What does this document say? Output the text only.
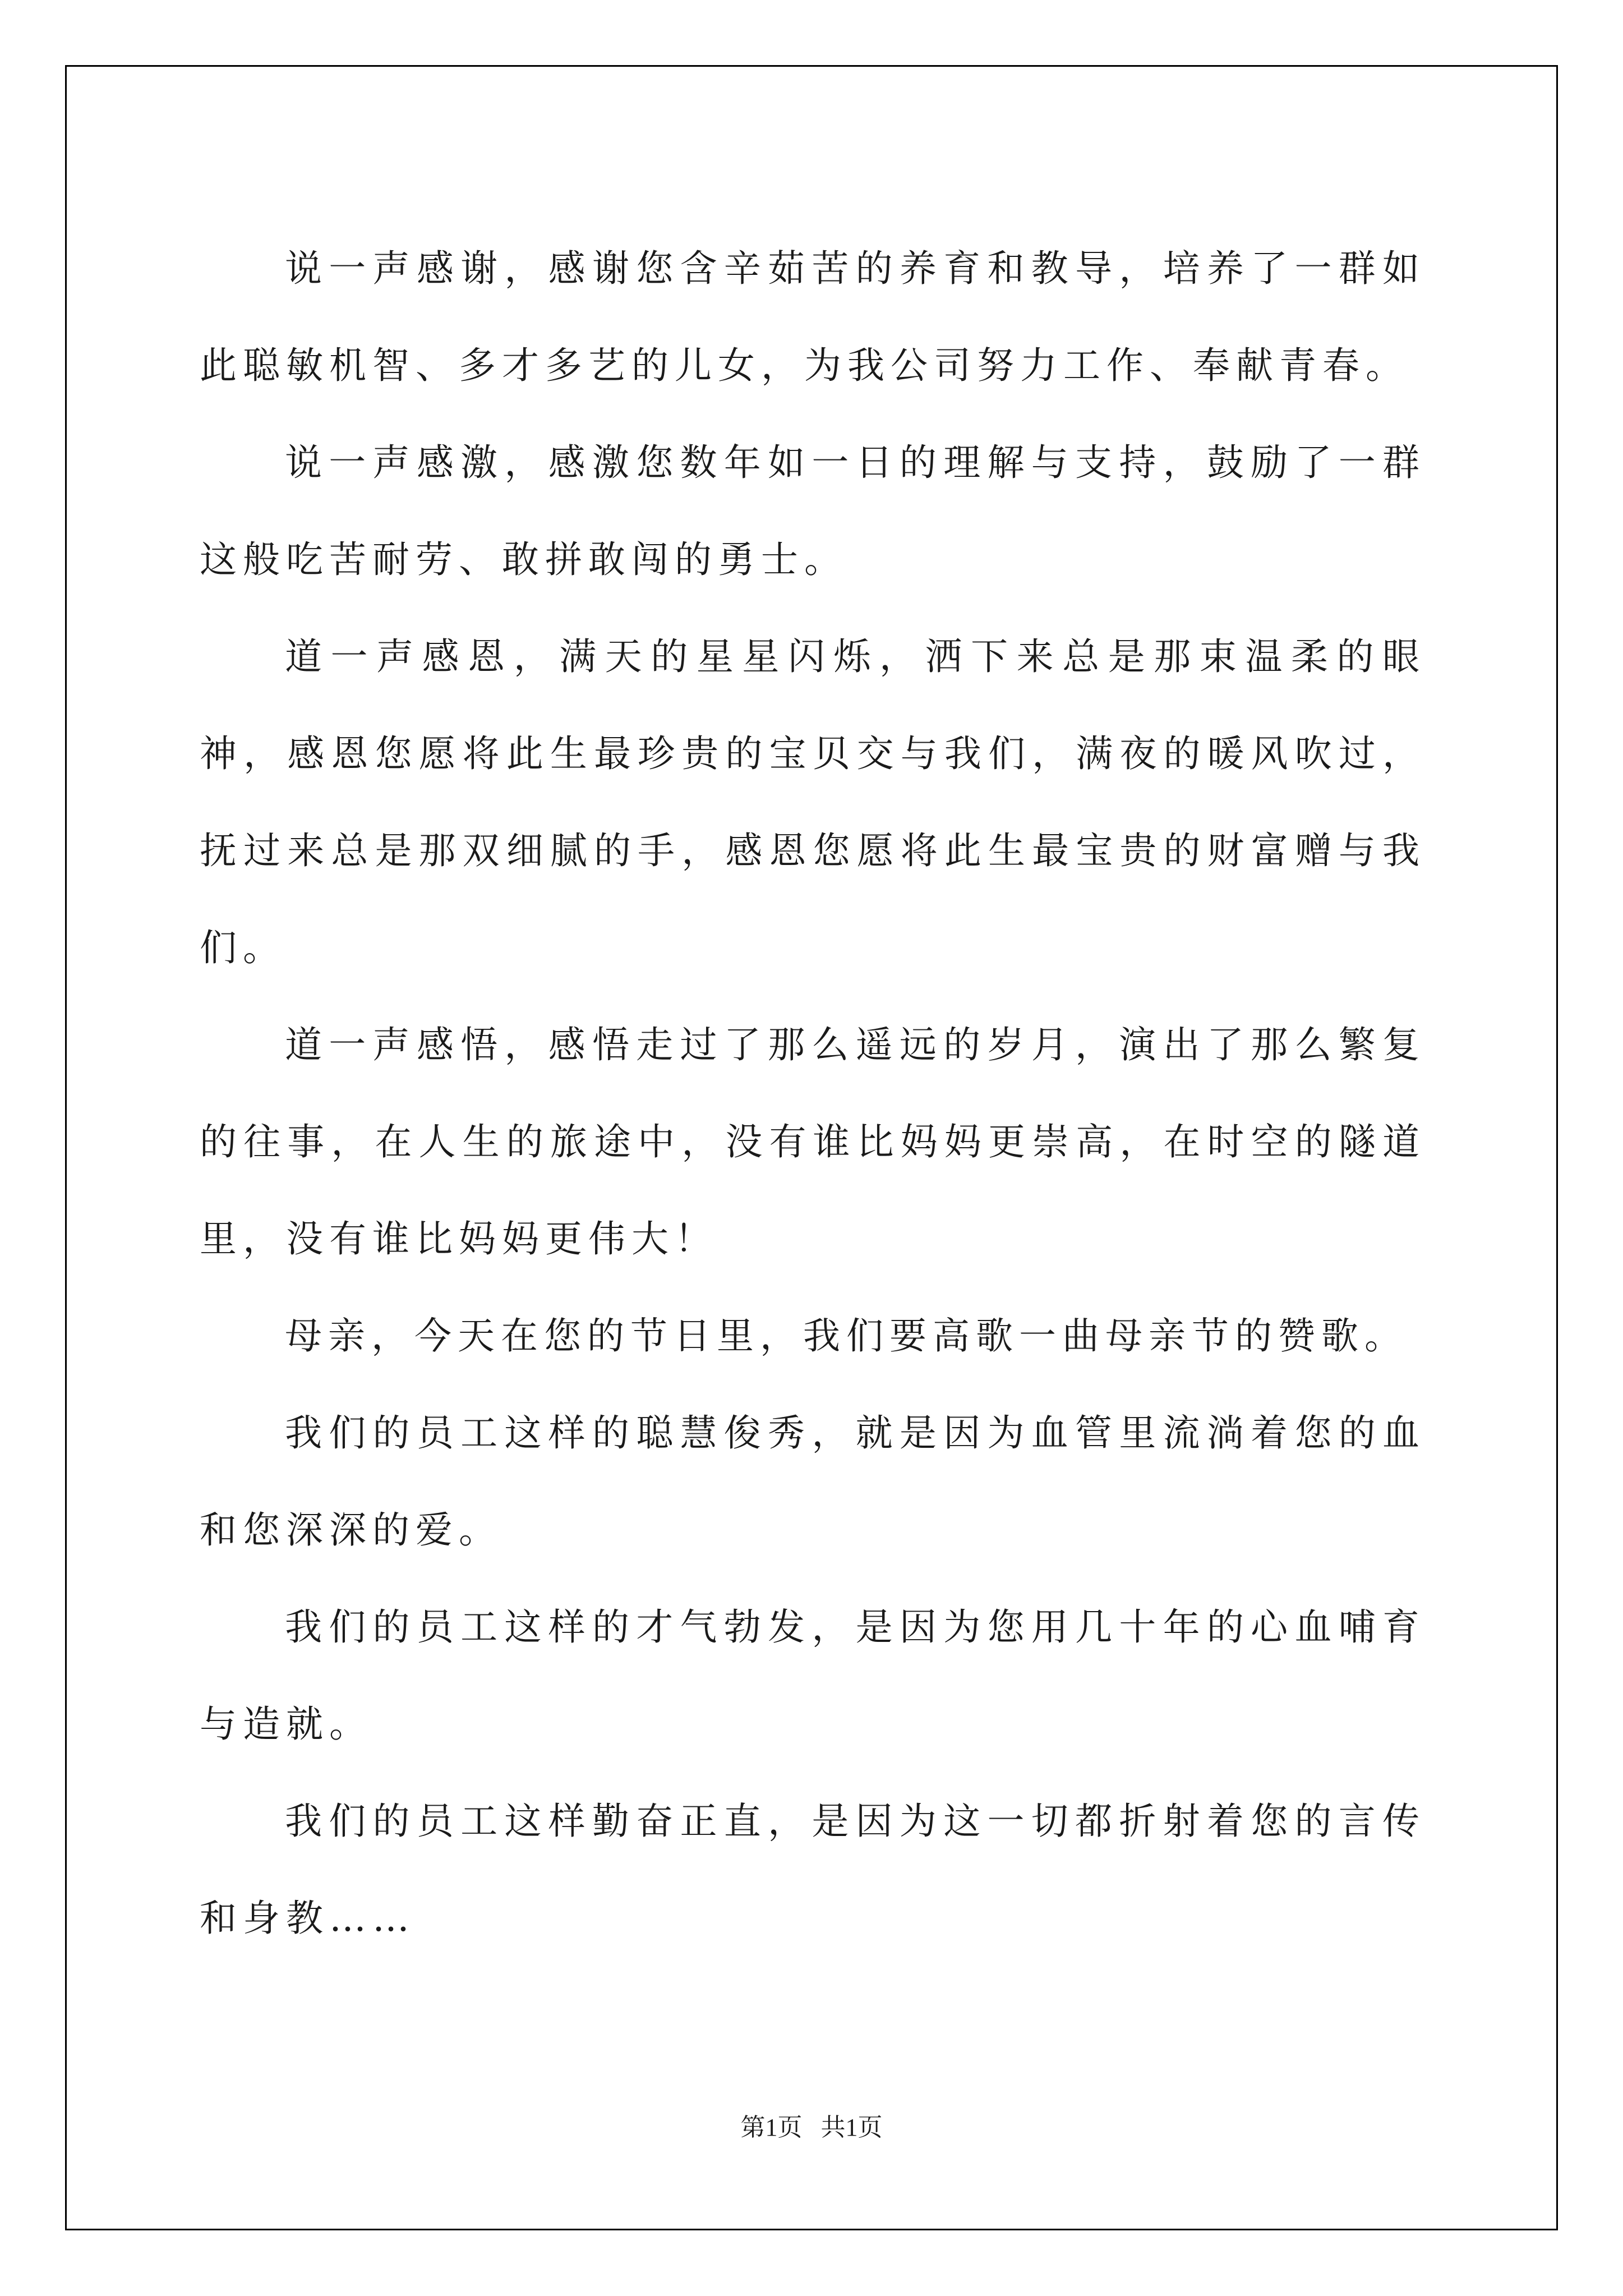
说一声感谢，感谢您含辛茹苦的养育和教导，培养了一群如此聪敏机智、多才多艺的儿女，为我公司努力工作、奉献青春。

说一声感激，感激您数年如一日的理解与支持，鼓励了一群这般吃苦耐劳、敢拼敢闯的勇士。

道一声感恩，满天的星星闪烁，洒下来总是那束温柔的眼神，感恩您愿将此生最珍贵的宝贝交与我们，满夜的暖风吹过，抚过来总是那双细腻的手，感恩您愿将此生最宝贵的财富赠与我们。

道一声感悟，感悟走过了那么遥远的岁月，演出了那么繁复的往事，在人生的旅途中，没有谁比妈妈更崇高，在时空的隧道里，没有谁比妈妈更伟大！

母亲，今天在您的节日里，我们要高歌一曲母亲节的赞歌。

我们的员工这样的聪慧俊秀，就是因为血管里流淌着您的血和您深深的爱。

我们的员工这样的才气勃发，是因为您用几十年的心血哺育与造就。

我们的员工这样勤奋正直，是因为这一切都折射着您的言传和身教……

第1页   共1页
